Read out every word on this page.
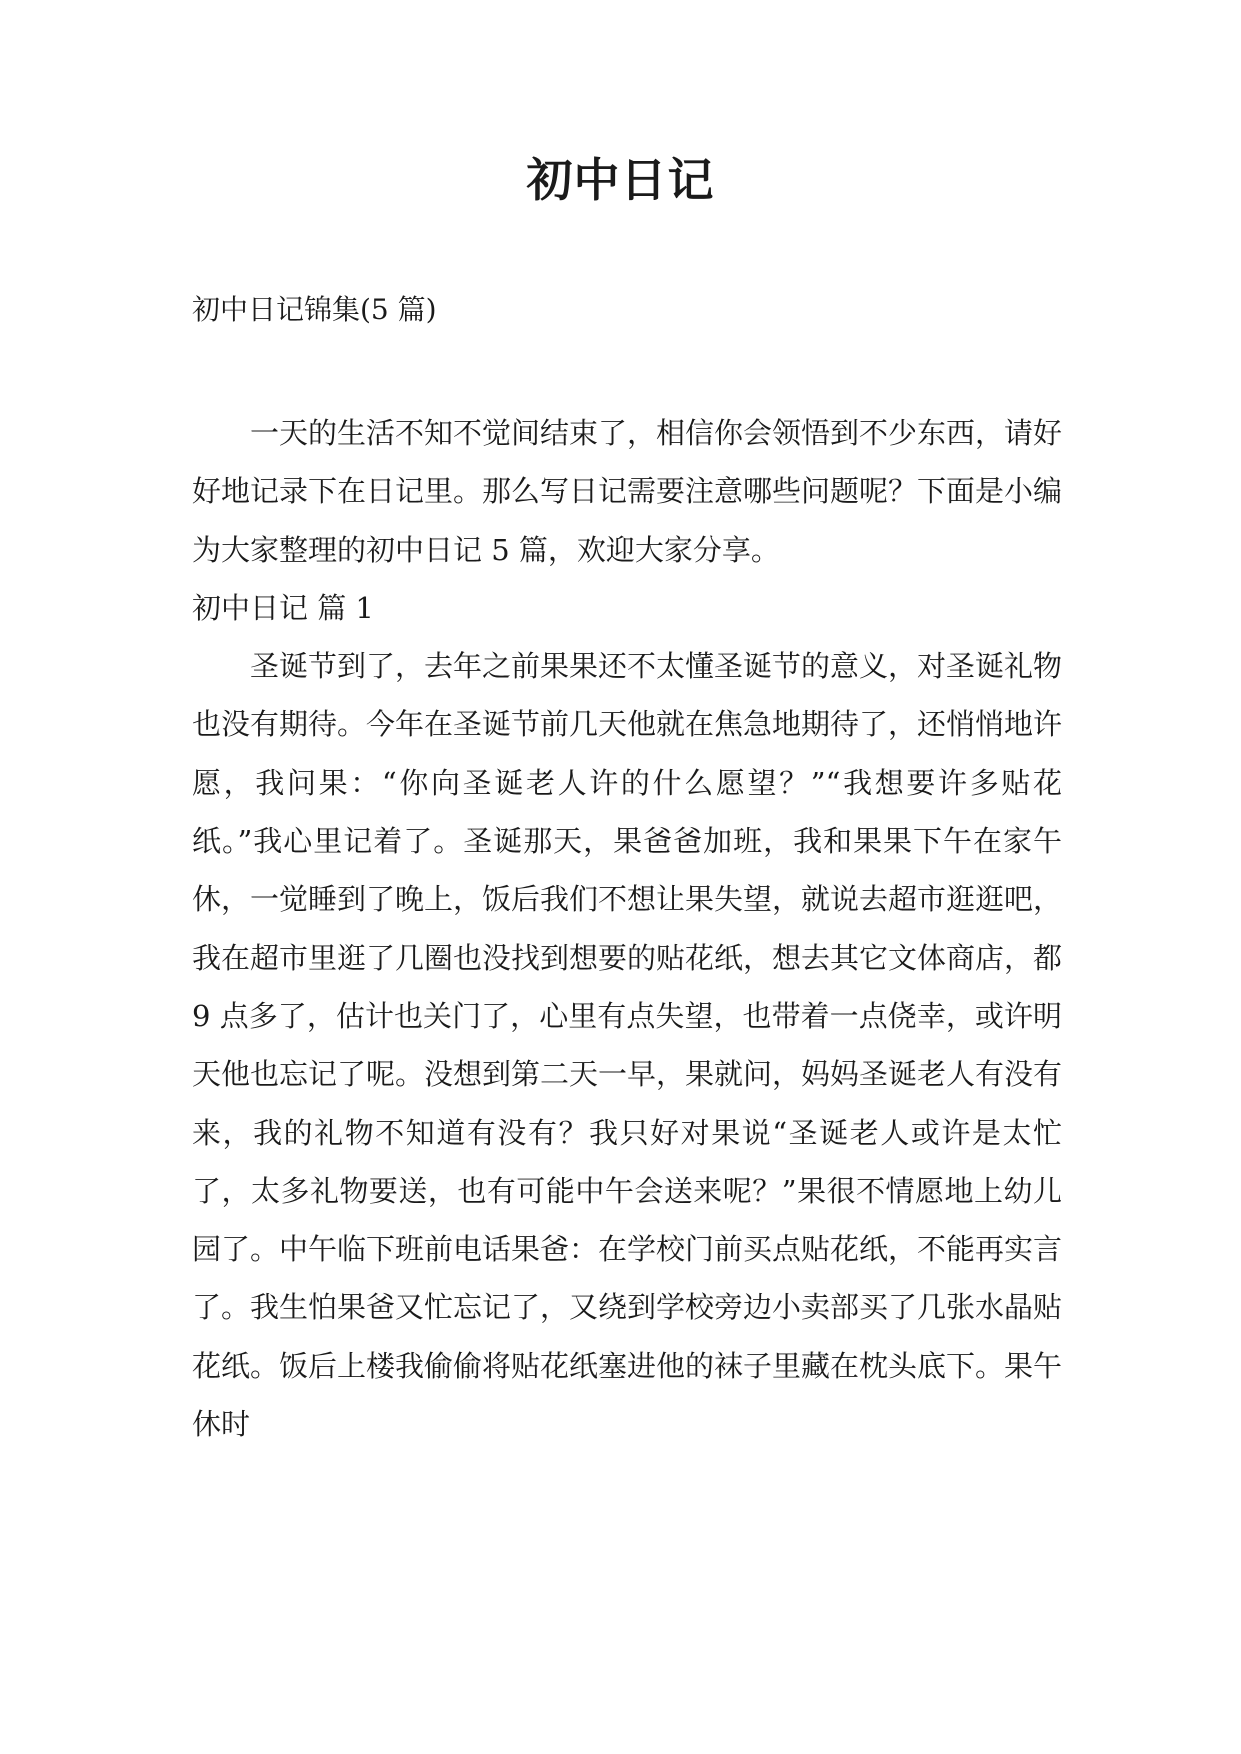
初中日记
初中日记锦集(5 篇)

一天的生活不知不觉间结束了，相信你会领悟到不少东西，请好好地记录下在日记里。那么写日记需要注意哪些问题呢？下面是小编为大家整理的初中日记 5 篇，欢迎大家分享。

初中日记 篇 1

圣诞节到了，去年之前果果还不太懂圣诞节的意义，对圣诞礼物也没有期待。今年在圣诞节前几天他就在焦急地期待了，还悄悄地许愿，我问果：“你向圣诞老人许的什么愿望？”“我想要许多贴花纸。”我心里记着了。圣诞那天，果爸爸加班，我和果果下午在家午休，一觉睡到了晚上，饭后我们不想让果失望，就说去超市逛逛吧，我在超市里逛了几圈也没找到想要的贴花纸，想去其它文体商店，都 9 点多了，估计也关门了，心里有点失望，也带着一点侥幸，或许明天他也忘记了呢。没想到第二天一早，果就问，妈妈圣诞老人有没有来，我的礼物不知道有没有？我只好对果说“圣诞老人或许是太忙了，太多礼物要送，也有可能中午会送来呢？”果很不情愿地上幼儿园了。中午临下班前电话果爸：在学校门前买点贴花纸，不能再实言了。我生怕果爸又忙忘记了，又绕到学校旁边小卖部买了几张水晶贴花纸。饭后上楼我偷偷将贴花纸塞进他的袜子里藏在枕头底下。果午休时
